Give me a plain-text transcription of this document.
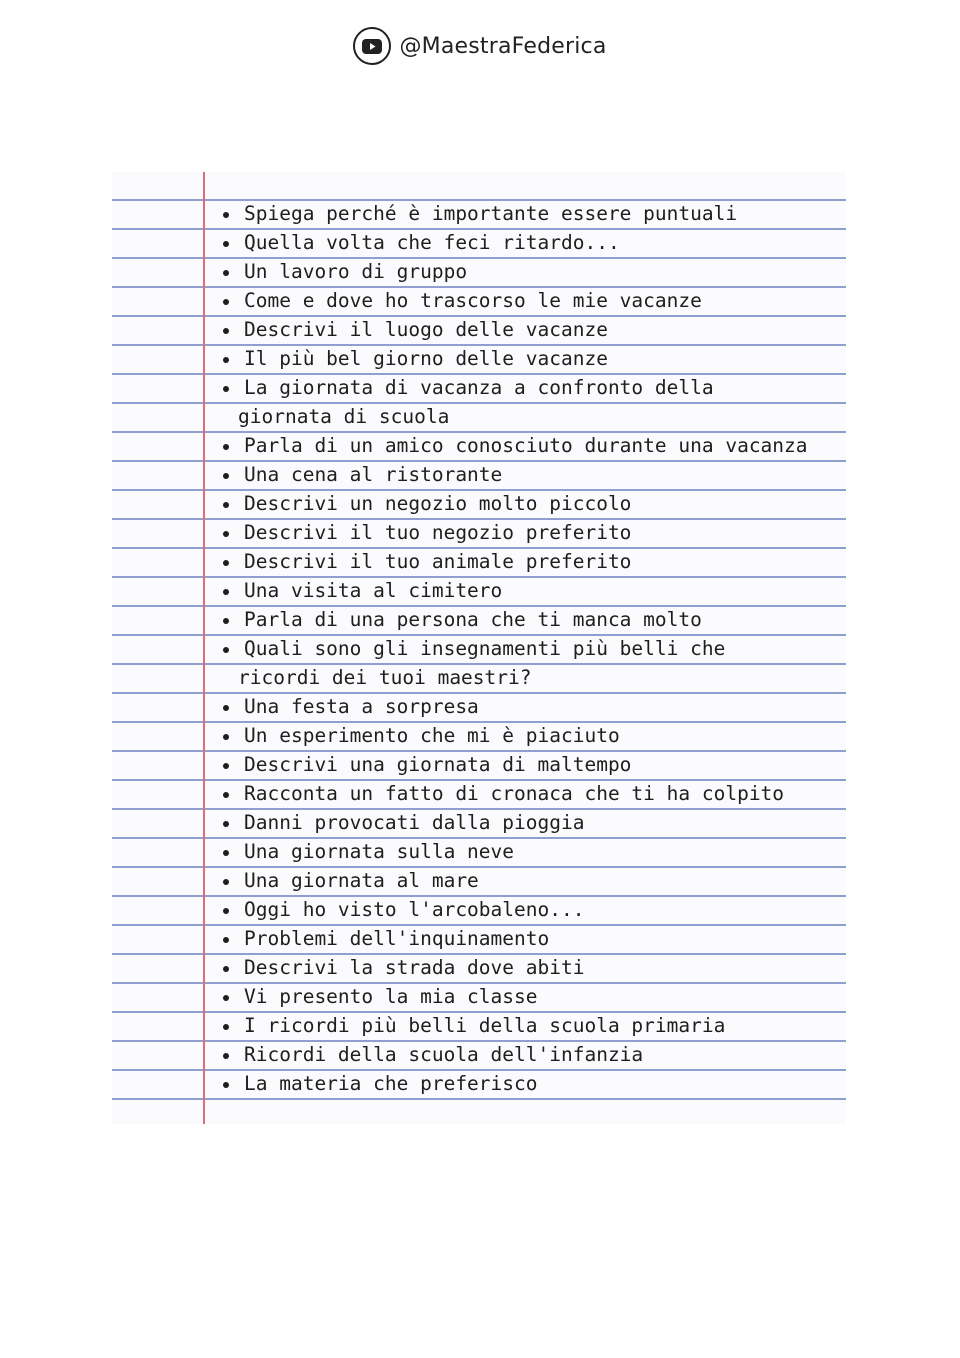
@MaestraFederica
Spiega perché è importante essere puntuali
Quella volta che feci ritardo...
Un lavoro di gruppo
Come e dove ho trascorso le mie vacanze
Descrivi il luogo delle vacanze
Il più bel giorno delle vacanze
La giornata di vacanza a confronto della
giornata di scuola
Parla di un amico conosciuto durante una vacanza
Una cena al ristorante
Descrivi un negozio molto piccolo
Descrivi il tuo negozio preferito
Descrivi il tuo animale preferito
Una visita al cimitero
Parla di una persona che ti manca molto
Quali sono gli insegnamenti più belli che
ricordi dei tuoi maestri?
Una festa a sorpresa
Un esperimento che mi è piaciuto
Descrivi una giornata di maltempo
Racconta un fatto di cronaca che ti ha colpito
Danni provocati dalla pioggia
Una giornata sulla neve
Una giornata al mare
Oggi ho visto l'arcobaleno...
Problemi dell'inquinamento
Descrivi la strada dove abiti
Vi presento la mia classe
I ricordi più belli della scuola primaria
Ricordi della scuola dell'infanzia
La materia che preferisco
